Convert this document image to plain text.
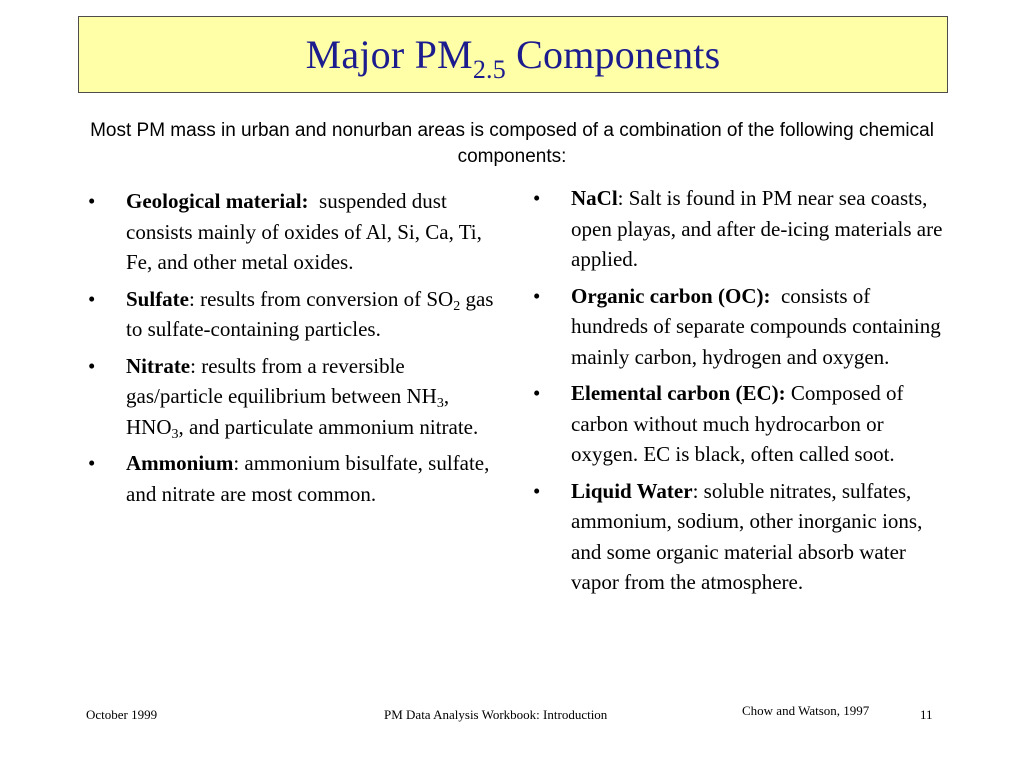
Major $PM_{2.5}$ Components

Most PM mass in urban and nonurban areas is composed of a combination of the following chemical components:

• Geological material: suspended dust consists mainly of oxides of Al, Si, Ca, Ti, Fe, and other metal oxides.
• Sulfate: results from conversion of $SO_2$ gas to sulfate-containing particles.
• Nitrate: results from a reversible gas/particle equilibrium between $NH_3$, $HNO_3$, and particulate ammonium nitrate.
• Ammonium: ammonium bisulfate, sulfate, and nitrate are most common.
• NaCl: Salt is found in PM near sea coasts, open playas, and after de-icing materials are applied.
• Organic carbon (OC): consists of hundreds of separate compounds containing mainly carbon, hydrogen and oxygen.
• Elemental carbon (EC): Composed of carbon without much hydrocarbon or oxygen. EC is black, often called soot.
• Liquid Water: soluble nitrates, sulfates, ammonium, sodium, other inorganic ions, and some organic material absorb water vapor from the atmosphere.

October 1999	PM Data Analysis Workbook: Introduction	Chow and Watson, 1997	11
